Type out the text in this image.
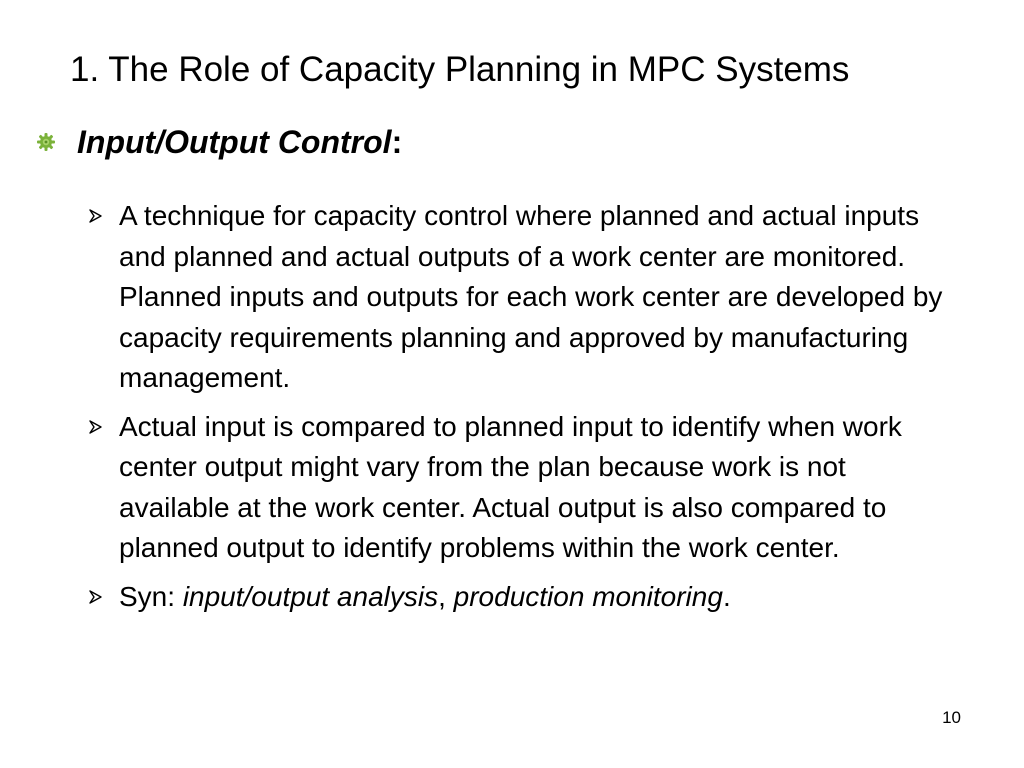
1. The Role of Capacity Planning in MPC Systems
Input/Output Control:
A technique for capacity control where planned and actual inputs and planned and actual outputs of a work center are monitored. Planned inputs and outputs for each work center are developed by capacity requirements planning and approved by manufacturing management.
Actual input is compared to planned input to identify when work center output might vary from the plan because work is not available at the work center. Actual output is also compared to planned output to identify problems within the work center.
Syn: input/output analysis, production monitoring.
10
